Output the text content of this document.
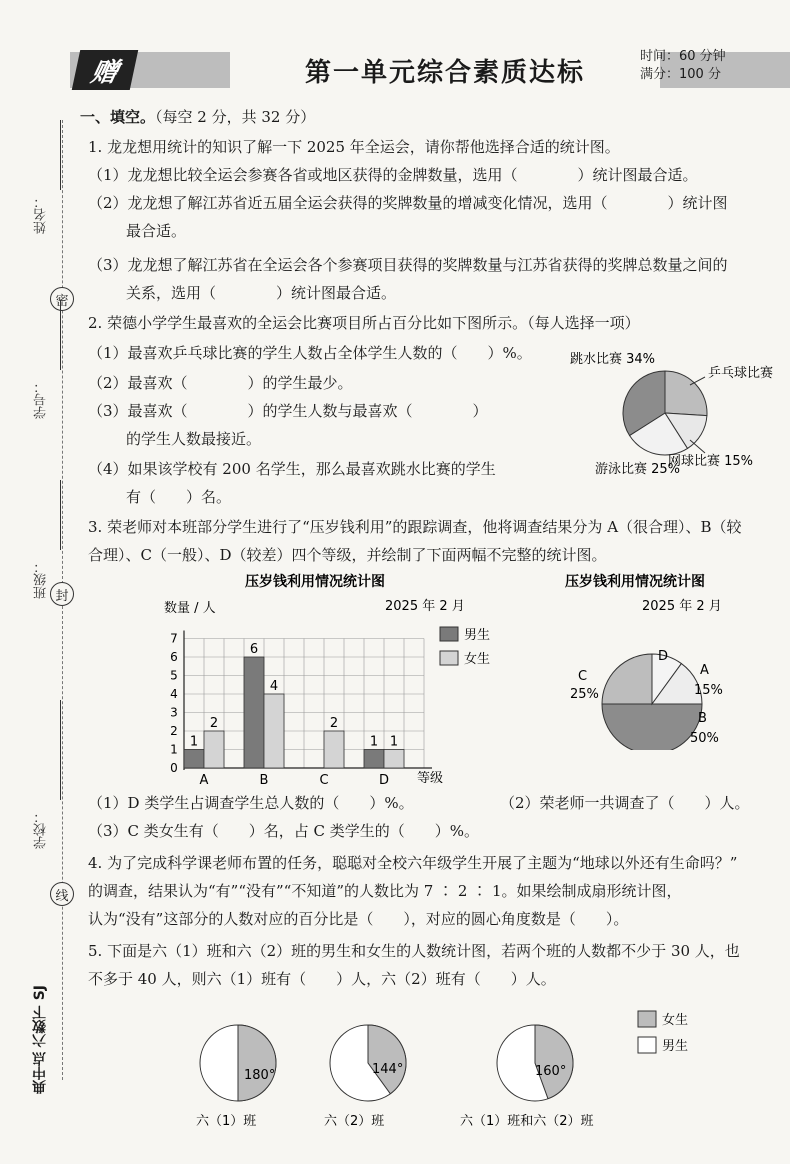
赠	第一单元综合素质达标
时间：60 分钟
满分：100 分
姓名：
密
学号：
班级： 封
学校：
线
典中点 六数下 SJ
一、填空。（每空 2 分，共 32 分）
1. 龙龙想用统计的知识了解一下 2025 年全运会，请你帮他选择合适的统计图。
（1）龙龙想比较全运会参赛各省或地区获得的金牌数量，选用（　　　　）统计图最合适。
（2）龙龙想了解江苏省近五届全运会获得的奖牌数量的增减变化情况，选用（　　　　）统计图
最合适。
（3）龙龙想了解江苏省在全运会各个参赛项目获得的奖牌数量与江苏省获得的奖牌总数量之间的
关系，选用（　　　　）统计图最合适。
2. 荣德小学学生最喜欢的全运会比赛项目所占百分比如下图所示。（每人选择一项）
（1）最喜欢乒乓球比赛的学生人数占全体学生人数的（　　）%。
（2）最喜欢（　　　　）的学生最少。
（3）最喜欢（　　　　）的学生人数与最喜欢（　　　　）
的学生人数最接近。
（4）如果该学校有 200 名学生，那么最喜欢跳水比赛的学生
有（　　）名。
3. 荣老师对本班部分学生进行了“压岁钱利用”的跟踪调查，他将调查结果分为 A（很合理）、B（较
合理）、C（一般）、D（较差）四个等级，并绘制了下面两幅不完整的统计图。
（1）D 类学生占调查学生总人数的（　　）%。	（2）荣老师一共调查了（　　）人。
（3）C 类女生有（　　）名，占 C 类学生的（　　）%。
4. 为了完成科学课老师布置的任务，聪聪对全校六年级学生开展了主题为“地球以外还有生命吗？”
的调查，结果认为“有”“没有”“不知道”的人数比为 7 ∶ 2 ∶ 1。如果绘制成扇形统计图，
认为“没有”这部分的人数对应的百分比是（　　），对应的圆心角度数是（　　）。
5. 下面是六（1）班和六（2）班的男生和女生的人数统计图，若两个班的人数都不少于 30 人，也
不多于 40 人，则六（1）班有（　　）人，六（2）班有（　　）人。
跳水比赛 34%
乒乓球比赛
游泳比赛 25%
网球比赛 15%
压岁钱利用情况统计图
2025 年 2 月
数量 / 人
0
1
2
3
4
5
6
7
1
2
6
4
2
1 1
A	B	C	D 等级
男生
女生
压岁钱利用情况统计图
2025 年 2 月
C
25%
D
A
15%
B
50%
180°
六（1）班
144°
六（2）班
160°
六（1）班和六（2）班
女生
男生
